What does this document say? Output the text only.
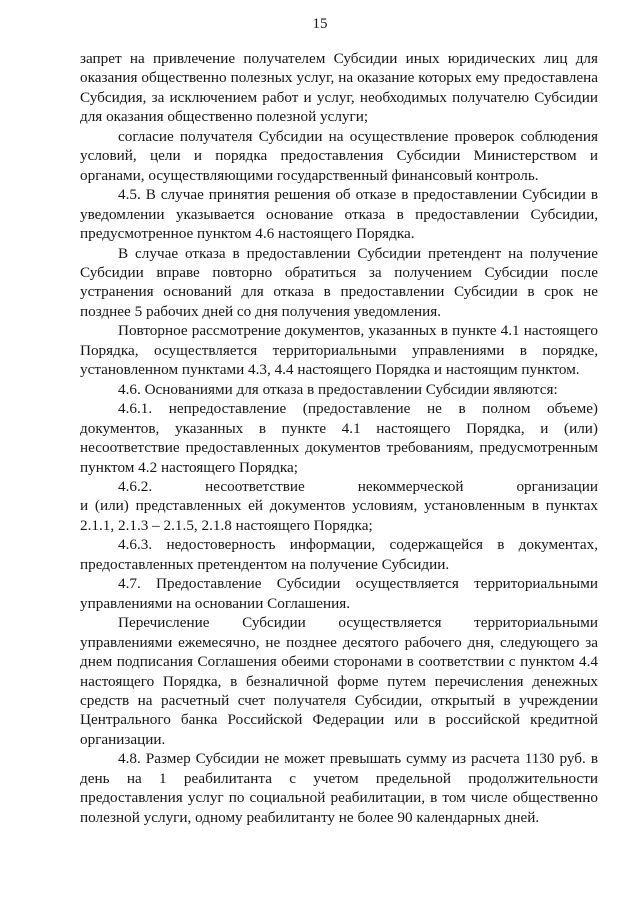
15

запрет на привлечение получателем Субсидии иных юридических лиц для оказания общественно полезных услуг, на оказание которых ему предоставлена Субсидия, за исключением работ и услуг, необходимых получателю Субсидии для оказания общественно полезной услуги;

согласие получателя Субсидии на осуществление проверок соблюдения условий, цели и порядка предоставления Субсидии Министерством и органами, осуществляющими государственный финансовый контроль.

4.5. В случае принятия решения об отказе в предоставлении Субсидии в уведомлении указывается основание отказа в предоставлении Субсидии, предусмотренное пунктом 4.6 настоящего Порядка.

В случае отказа в предоставлении Субсидии претендент на получение Субсидии вправе повторно обратиться за получением Субсидии после устранения оснований для отказа в предоставлении Субсидии в срок не позднее 5 рабочих дней со дня получения уведомления.

Повторное рассмотрение документов, указанных в пункте 4.1 настоящего Порядка, осуществляется территориальными управлениями в порядке, установленном пунктами 4.3, 4.4 настоящего Порядка и настоящим пунктом.

4.6. Основаниями для отказа в предоставлении Субсидии являются:

4.6.1. непредоставление (предоставление не в полном объеме) документов, указанных в пункте 4.1 настоящего Порядка, и (или) несоответствие предоставленных документов требованиям, предусмотренным пунктом 4.2 настоящего Порядка;

4.6.2. несоответствие некоммерческой организации

и (или) представленных ей документов условиям, установленным в пунктах 2.1.1, 2.1.3 – 2.1.5, 2.1.8 настоящего Порядка;

4.6.3. недостоверность информации, содержащейся в документах, предоставленных претендентом на получение Субсидии.

4.7. Предоставление Субсидии осуществляется территориальными управлениями на основании Соглашения.

Перечисление Субсидии осуществляется территориальными управлениями ежемесячно, не позднее десятого рабочего дня, следующего за днем подписания Соглашения обеими сторонами в соответствии с пунктом 4.4 настоящего Порядка, в безналичной форме путем перечисления денежных средств на расчетный счет получателя Субсидии, открытый в учреждении Центрального банка Российской Федерации или в российской кредитной организации.

4.8. Размер Субсидии не может превышать сумму из расчета 1130 руб. в день на 1 реабилитанта с учетом предельной продолжительности предоставления услуг по социальной реабилитации, в том числе общественно полезной услуги, одному реабилитанту не более 90 календарных дней.
